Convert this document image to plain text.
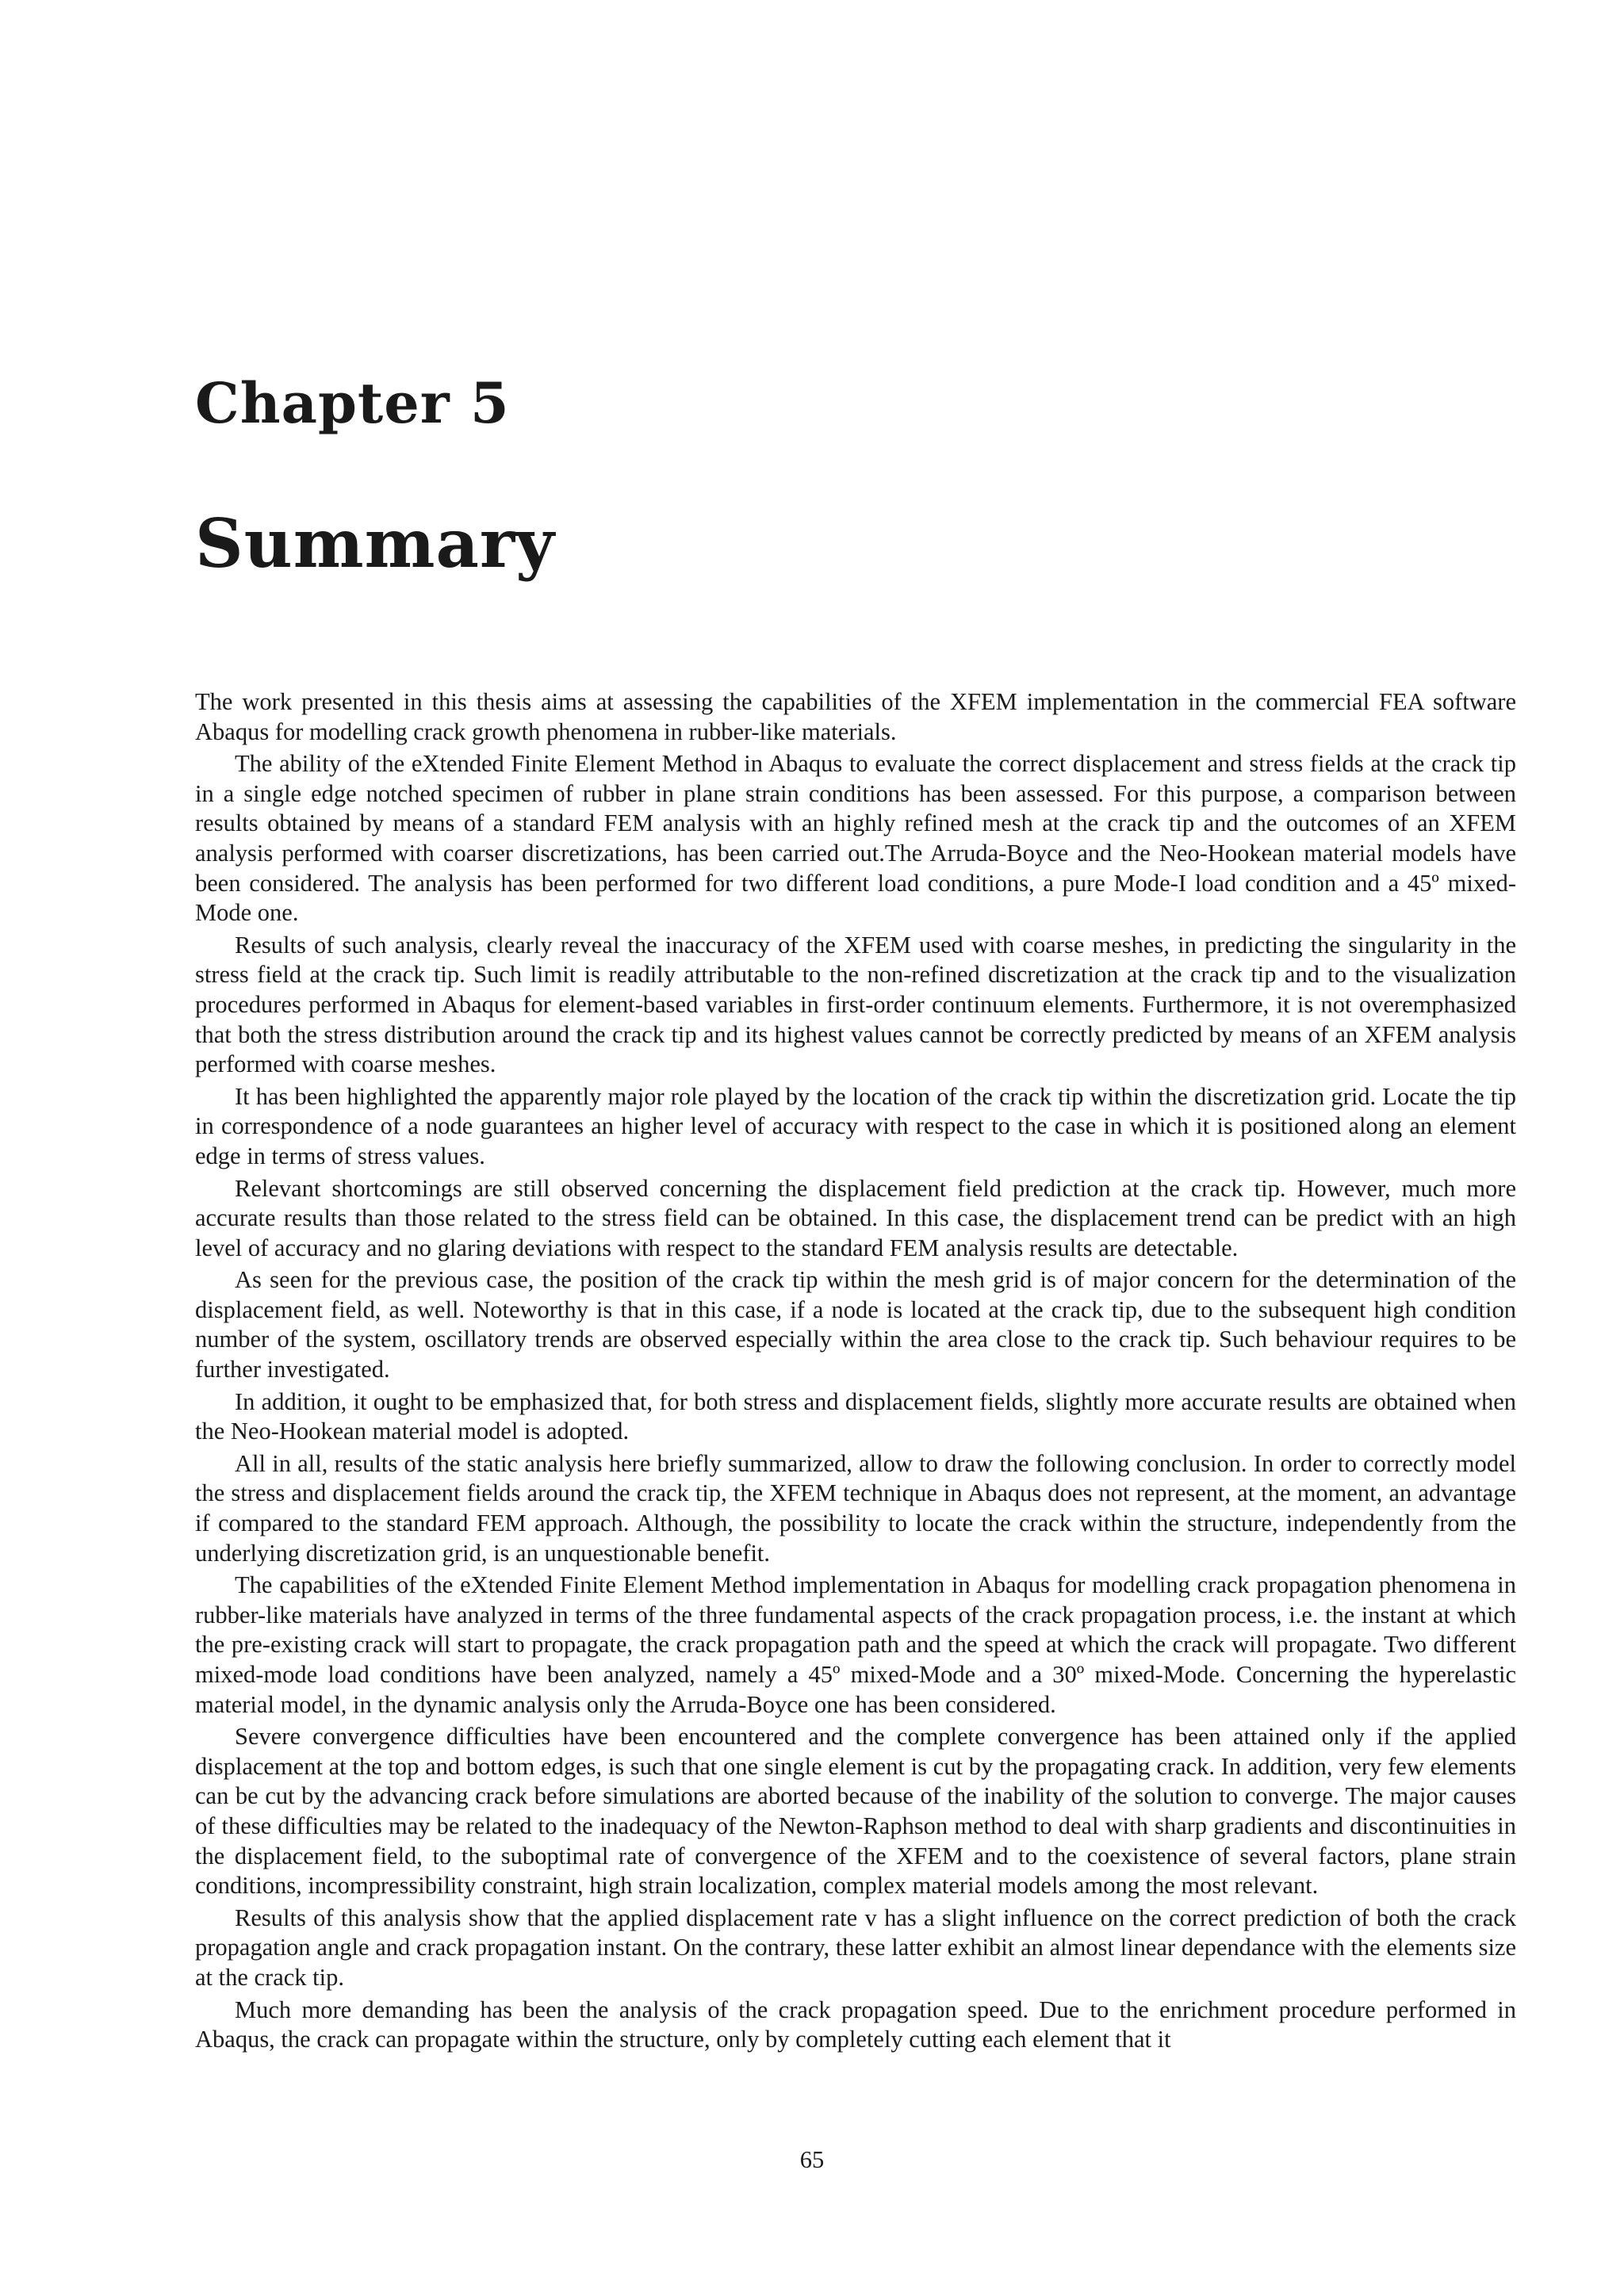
Chapter 5
Summary

The work presented in this thesis aims at assessing the capabilities of the XFEM implementation in the commercial FEA software Abaqus for modelling crack growth phenomena in rubber-like materials.

The ability of the eXtended Finite Element Method in Abaqus to evaluate the correct displacement and stress fields at the crack tip in a single edge notched specimen of rubber in plane strain conditions has been assessed. For this purpose, a comparison between results obtained by means of a standard FEM analysis with an highly refined mesh at the crack tip and the outcomes of an XFEM analysis performed with coarser discretizations, has been carried out.The Arruda-Boyce and the Neo-Hookean material models have been considered. The analysis has been performed for two different load conditions, a pure Mode-I load condition and a 45º mixed-Mode one.

Results of such analysis, clearly reveal the inaccuracy of the XFEM used with coarse meshes, in predicting the singularity in the stress field at the crack tip. Such limit is readily attributable to the non-refined discretization at the crack tip and to the visualization procedures performed in Abaqus for element-based variables in first-order continuum elements. Furthermore, it is not overemphasized that both the stress distribution around the crack tip and its highest values cannot be correctly predicted by means of an XFEM analysis performed with coarse meshes.

It has been highlighted the apparently major role played by the location of the crack tip within the discretization grid. Locate the tip in correspondence of a node guarantees an higher level of accuracy with respect to the case in which it is positioned along an element edge in terms of stress values.

Relevant shortcomings are still observed concerning the displacement field prediction at the crack tip. However, much more accurate results than those related to the stress field can be obtained. In this case, the displacement trend can be predict with an high level of accuracy and no glaring deviations with respect to the standard FEM analysis results are detectable.

As seen for the previous case, the position of the crack tip within the mesh grid is of major concern for the determination of the displacement field, as well. Noteworthy is that in this case, if a node is located at the crack tip, due to the subsequent high condition number of the system, oscillatory trends are observed especially within the area close to the crack tip. Such behaviour requires to be further investigated.

In addition, it ought to be emphasized that, for both stress and displacement fields, slightly more accurate results are obtained when the Neo-Hookean material model is adopted.

All in all, results of the static analysis here briefly summarized, allow to draw the following conclusion. In order to correctly model the stress and displacement fields around the crack tip, the XFEM technique in Abaqus does not represent, at the moment, an advantage if compared to the standard FEM approach. Although, the possibility to locate the crack within the structure, independently from the underlying discretization grid, is an unquestionable benefit.

The capabilities of the eXtended Finite Element Method implementation in Abaqus for modelling crack propagation phenomena in rubber-like materials have analyzed in terms of the three fundamental aspects of the crack propagation process, i.e. the instant at which the pre-existing crack will start to propagate, the crack propagation path and the speed at which the crack will propagate. Two different mixed-mode load conditions have been analyzed, namely a 45º mixed-Mode and a 30º mixed-Mode. Concerning the hyperelastic material model, in the dynamic analysis only the Arruda-Boyce one has been considered.

Severe convergence difficulties have been encountered and the complete convergence has been attained only if the applied displacement at the top and bottom edges, is such that one single element is cut by the propagating crack. In addition, very few elements can be cut by the advancing crack before simulations are aborted because of the inability of the solution to converge. The major causes of these difficulties may be related to the inadequacy of the Newton-Raphson method to deal with sharp gradients and discontinuities in the displacement field, to the suboptimal rate of convergence of the XFEM and to the coexistence of several factors, plane strain conditions, incompressibility constraint, high strain localization, complex material models among the most relevant.

Results of this analysis show that the applied displacement rate v has a slight influence on the correct prediction of both the crack propagation angle and crack propagation instant. On the contrary, these latter exhibit an almost linear dependance with the elements size at the crack tip.

Much more demanding has been the analysis of the crack propagation speed. Due to the enrichment procedure performed in Abaqus, the crack can propagate within the structure, only by completely cutting each element that it

65
